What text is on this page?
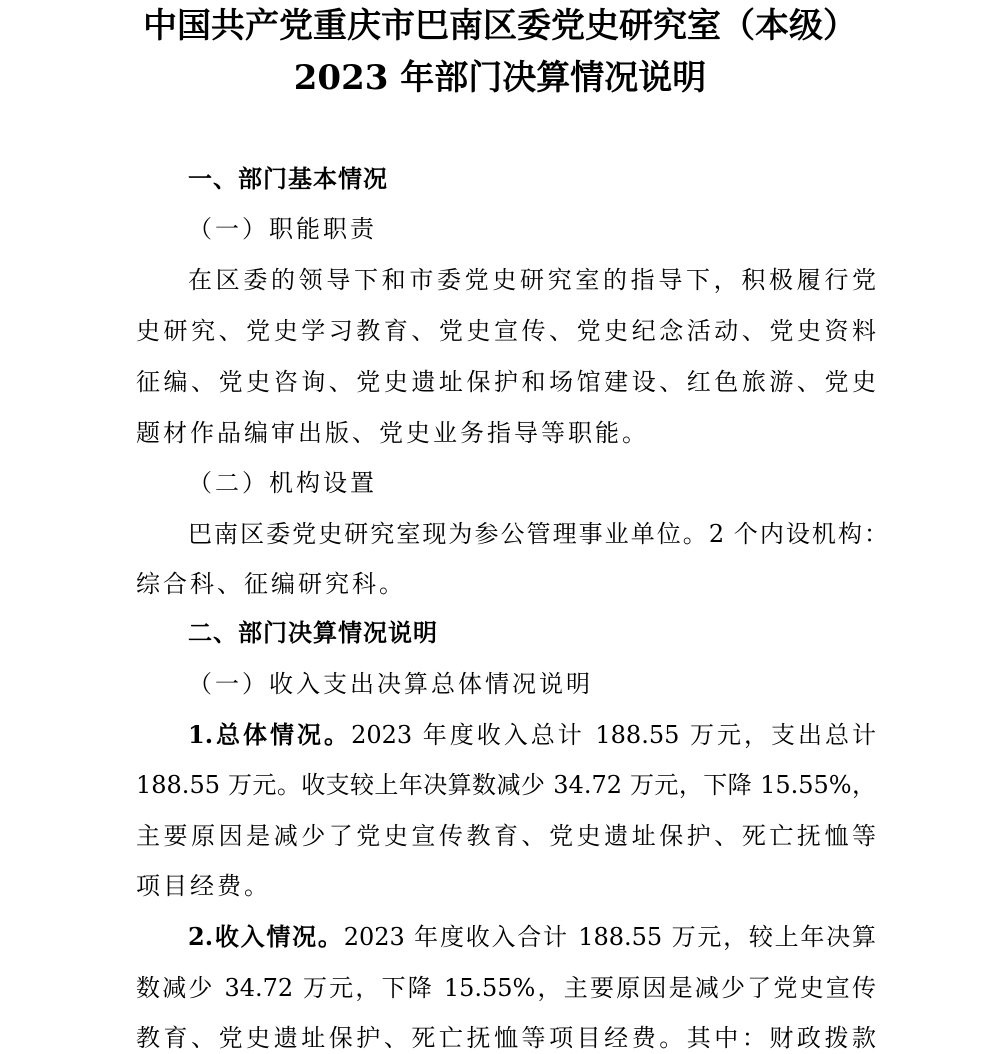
中国共产党重庆市巴南区委党史研究室（本级）
2023 年部门决算情况说明
一、部门基本情况
（一）职能职责
在区委的领导下和市委党史研究室的指导下，积极履行党
史研究、党史学习教育、党史宣传、党史纪念活动、党史资料
征编、党史咨询、党史遗址保护和场馆建设、红色旅游、党史
题材作品编审出版、党史业务指导等职能。
（二）机构设置
巴南区委党史研究室现为参公管理事业单位。2 个内设机构：
综合科、征编研究科。
二、部门决算情况说明
（一）收入支出决算总体情况说明
1.总体情况。2023 年度收入总计 188.55 万元，支出总计
188.55 万元。收支较上年决算数减少 34.72 万元，下降 15.55%，
主要原因是减少了党史宣传教育、党史遗址保护、死亡抚恤等
项目经费。
2.收入情况。2023 年度收入合计 188.55 万元，较上年决算
数减少 34.72 万元，下降 15.55%，主要原因是减少了党史宣传
教育、党史遗址保护、死亡抚恤等项目经费。其中：财政拨款
